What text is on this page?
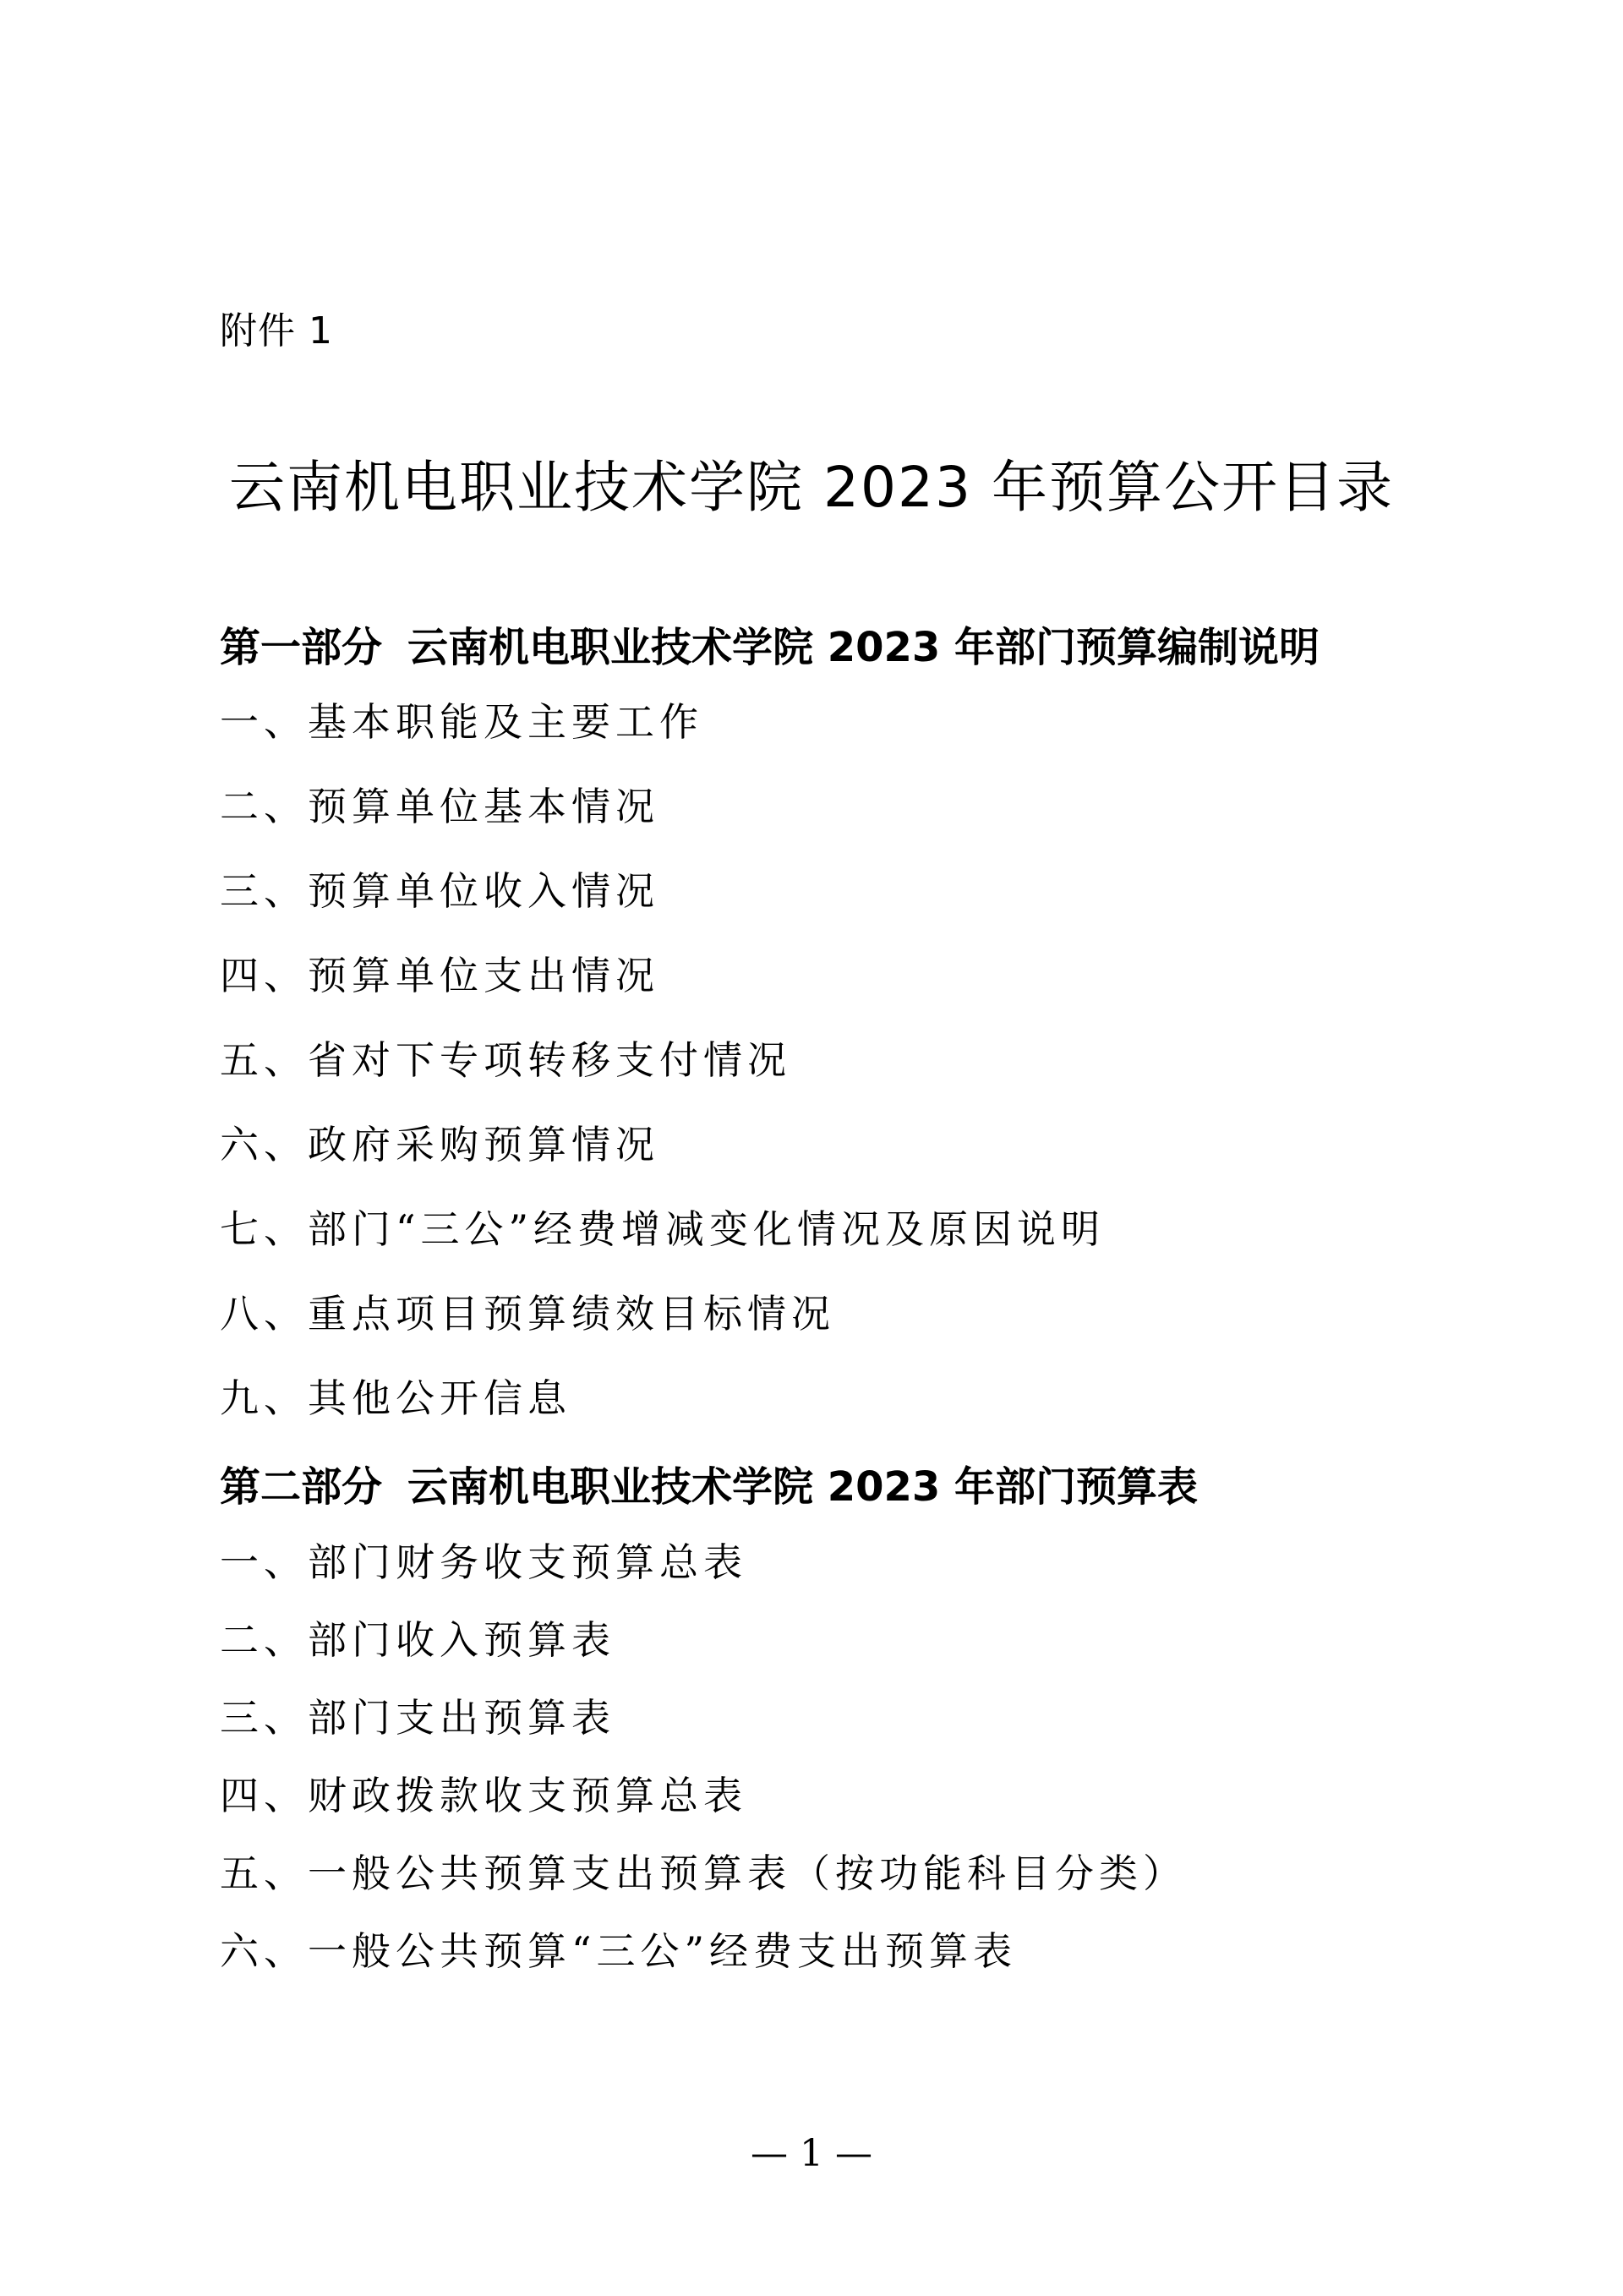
附件 1
云南机电职业技术学院 2023 年预算公开目录
第一部分 云南机电职业技术学院 2023 年部门预算编制说明
一、基本职能及主要工作
二、预算单位基本情况
三、预算单位收入情况
四、预算单位支出情况
五、省对下专项转移支付情况
六、政府采购预算情况
七、部门“三公”经费增减变化情况及原因说明
八、重点项目预算绩效目标情况
九、其他公开信息
第二部分 云南机电职业技术学院 2023 年部门预算表
一、部门财务收支预算总表
二、部门收入预算表
三、部门支出预算表
四、财政拨款收支预算总表
五、一般公共预算支出预算表（按功能科目分类）
六、一般公共预算“三公”经费支出预算表
— 1 —
